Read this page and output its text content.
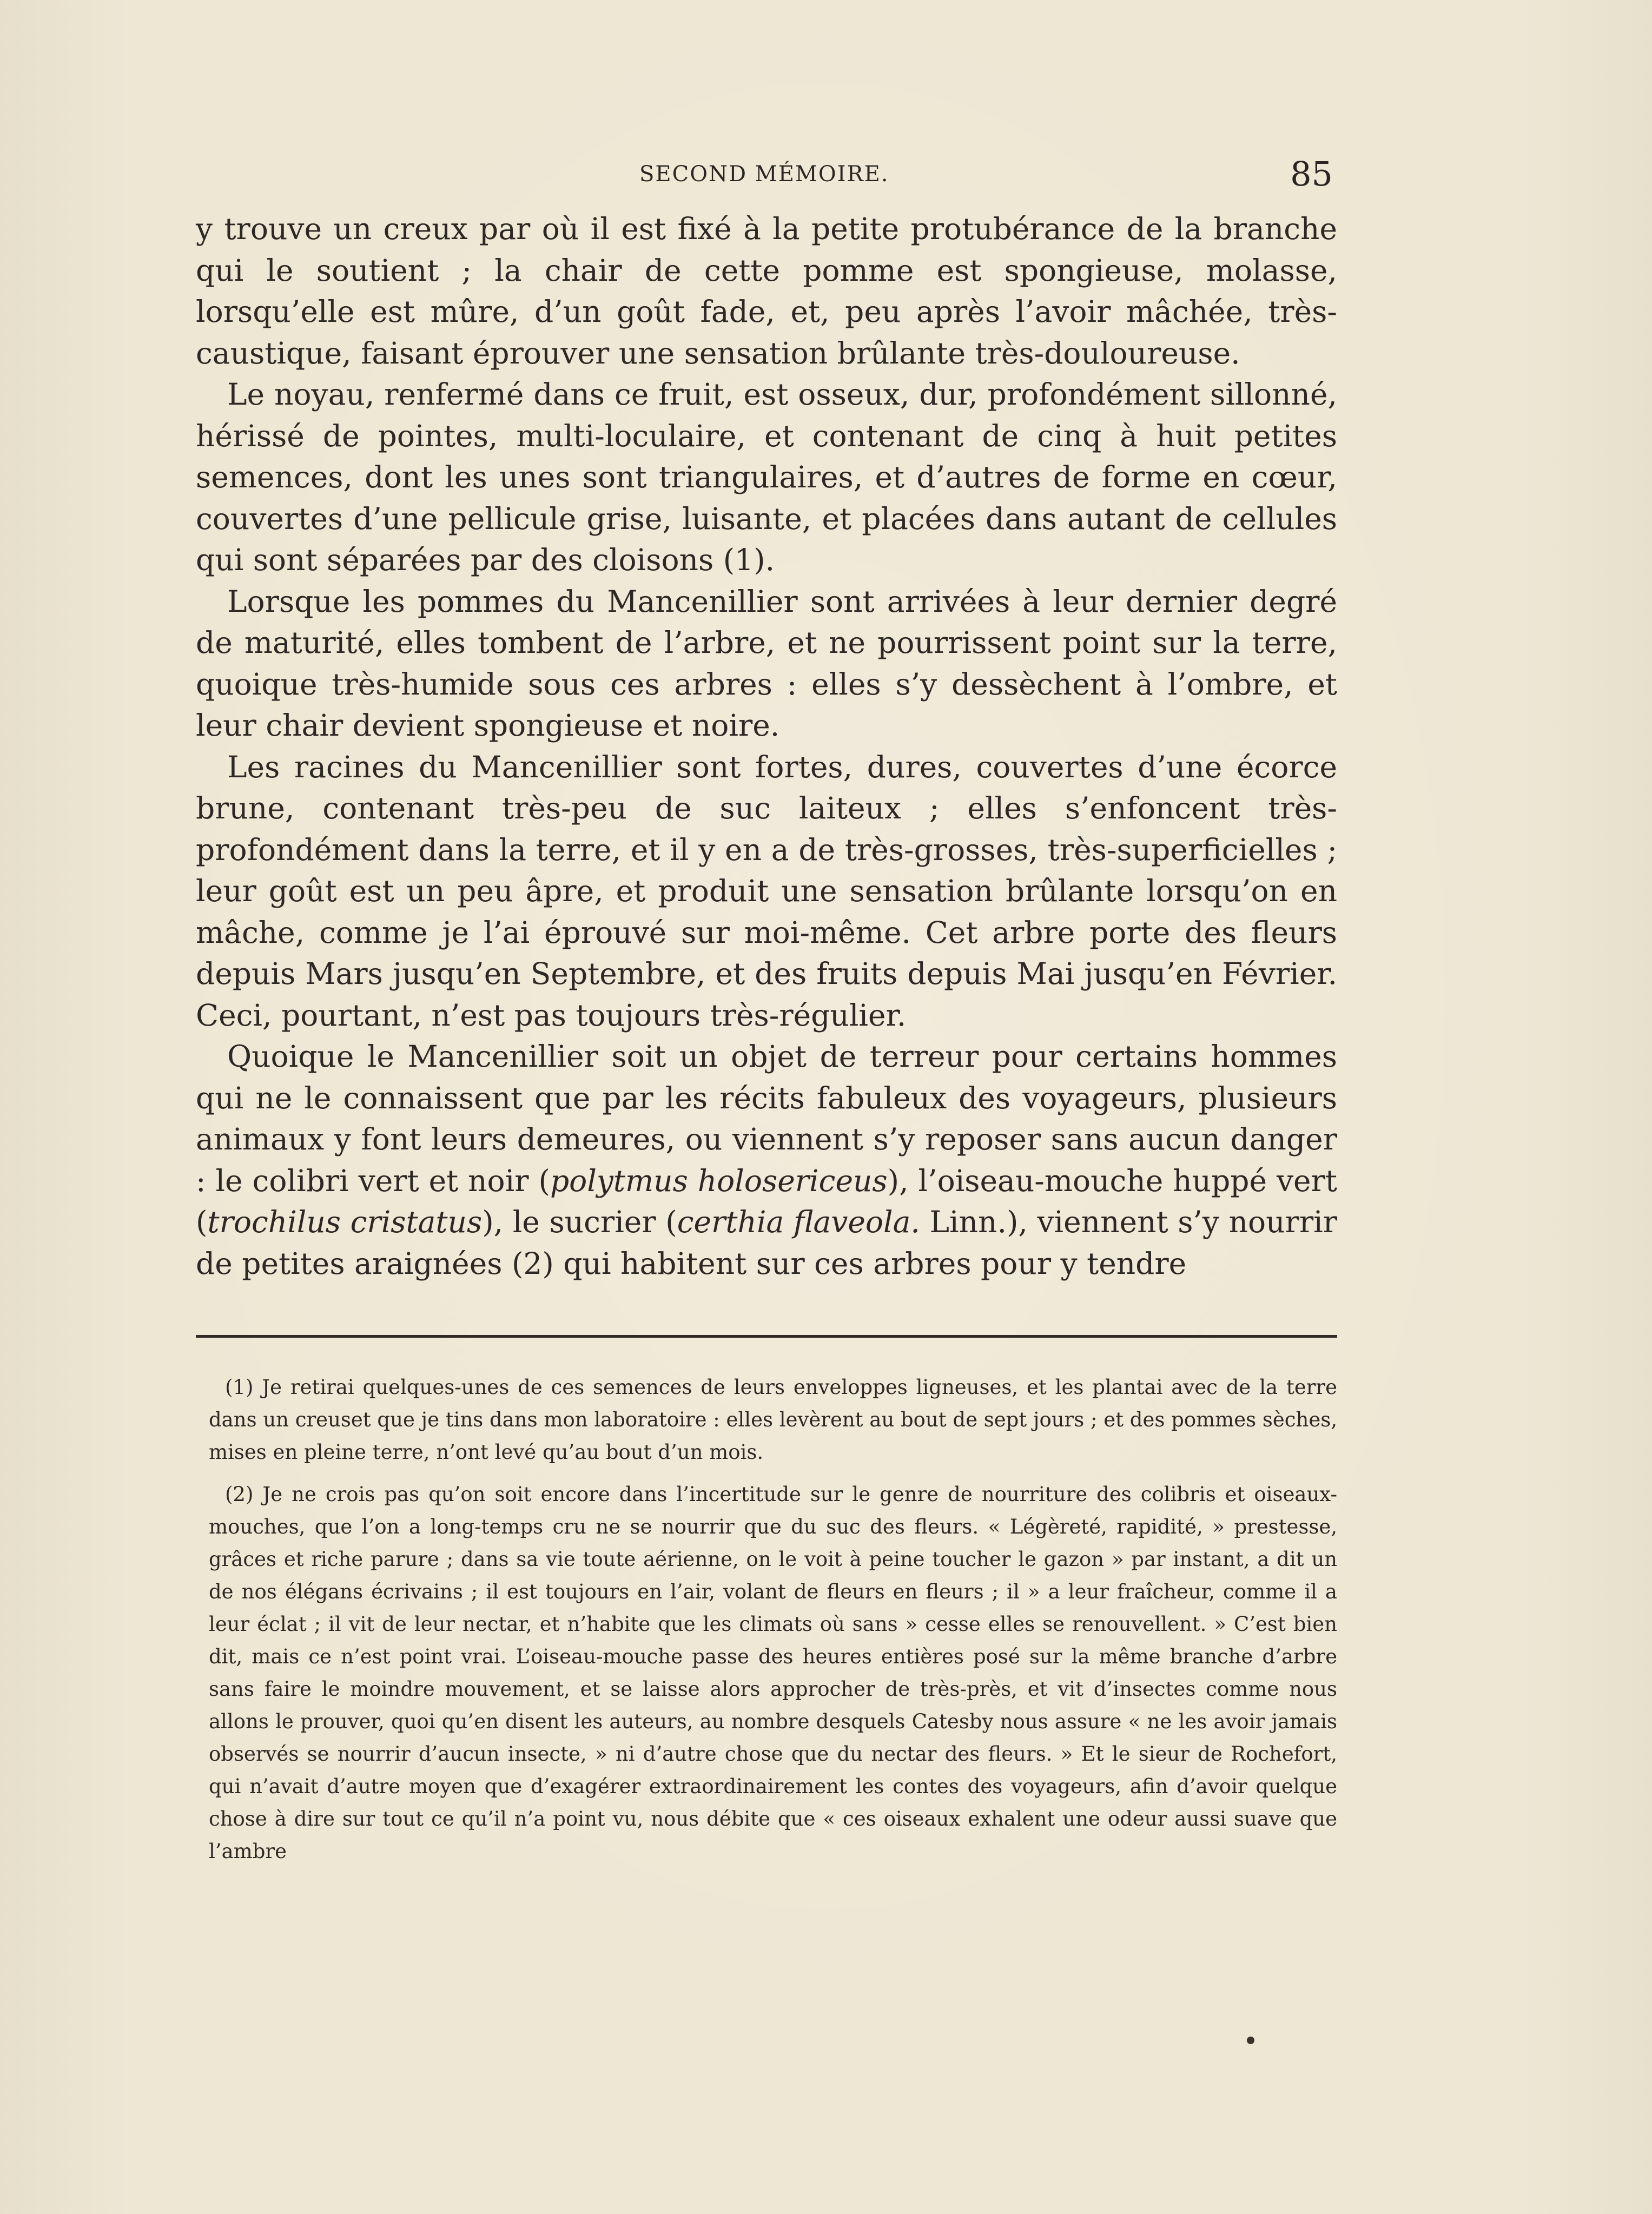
SECOND MÉMOIRE.	85

y trouve un creux par où il est fixé à la petite protubérance de la branche qui le soutient ; la chair de cette pomme est spongieuse, molasse, lorsqu’elle est mûre, d’un goût fade, et, peu après l’avoir mâchée, très-caustique, faisant éprouver une sensation brûlante très-douloureuse.

Le noyau, renfermé dans ce fruit, est osseux, dur, profondément sillonné, hérissé de pointes, multi-loculaire, et contenant de cinq à huit petites semences, dont les unes sont triangulaires, et d’autres de forme en cœur, couvertes d’une pellicule grise, luisante, et placées dans autant de cellules qui sont séparées par des cloisons (1).

Lorsque les pommes du Mancenillier sont arrivées à leur dernier degré de maturité, elles tombent de l’arbre, et ne pourrissent point sur la terre, quoique très-humide sous ces arbres : elles s’y dessèchent à l’ombre, et leur chair devient spongieuse et noire.

Les racines du Mancenillier sont fortes, dures, couvertes d’une écorce brune, contenant très-peu de suc laiteux ; elles s’enfoncent très-profondément dans la terre, et il y en a de très-grosses, très-superficielles ; leur goût est un peu âpre, et produit une sensation brûlante lorsqu’on en mâche, comme je l’ai éprouvé sur moi-même. Cet arbre porte des fleurs depuis Mars jusqu’en Septembre, et des fruits depuis Mai jusqu’en Février. Ceci, pourtant, n’est pas toujours très-régulier.

Quoique le Mancenillier soit un objet de terreur pour certains hommes qui ne le connaissent que par les récits fabuleux des voyageurs, plusieurs animaux y font leurs demeures, ou viennent s’y reposer sans aucun danger : le colibri vert et noir (polytmus holosericeus), l’oiseau-mouche huppé vert (trochilus cristatus), le sucrier (certhia flaveola. Linn.), viennent s’y nourrir de petites araignées (2) qui habitent sur ces arbres pour y tendre

(1) Je retirai quelques-unes de ces semences de leurs enveloppes ligneuses, et les plantai avec de la terre dans un creuset que je tins dans mon laboratoire : elles levèrent au bout de sept jours ; et des pommes sèches, mises en pleine terre, n’ont levé qu’au bout d’un mois.

(2) Je ne crois pas qu’on soit encore dans l’incertitude sur le genre de nourriture des colibris et oiseaux-mouches, que l’on a long-temps cru ne se nourrir que du suc des fleurs. « Légèreté, rapidité, » prestesse, grâces et riche parure ; dans sa vie toute aérienne, on le voit à peine toucher le gazon » par instant, a dit un de nos élégans écrivains ; il est toujours en l’air, volant de fleurs en fleurs ; il » a leur fraîcheur, comme il a leur éclat ; il vit de leur nectar, et n’habite que les climats où sans » cesse elles se renouvellent. » C’est bien dit, mais ce n’est point vrai. L’oiseau-mouche passe des heures entières posé sur la même branche d’arbre sans faire le moindre mouvement, et se laisse alors approcher de très-près, et vit d’insectes comme nous allons le prouver, quoi qu’en disent les auteurs, au nombre desquels Catesby nous assure « ne les avoir jamais observés se nourrir d’aucun insecte, » ni d’autre chose que du nectar des fleurs. » Et le sieur de Rochefort, qui n’avait d’autre moyen que d’exagérer extraordinairement les contes des voyageurs, afin d’avoir quelque chose à dire sur tout ce qu’il n’a point vu, nous débite que « ces oiseaux exhalent une odeur aussi suave que l’ambre
